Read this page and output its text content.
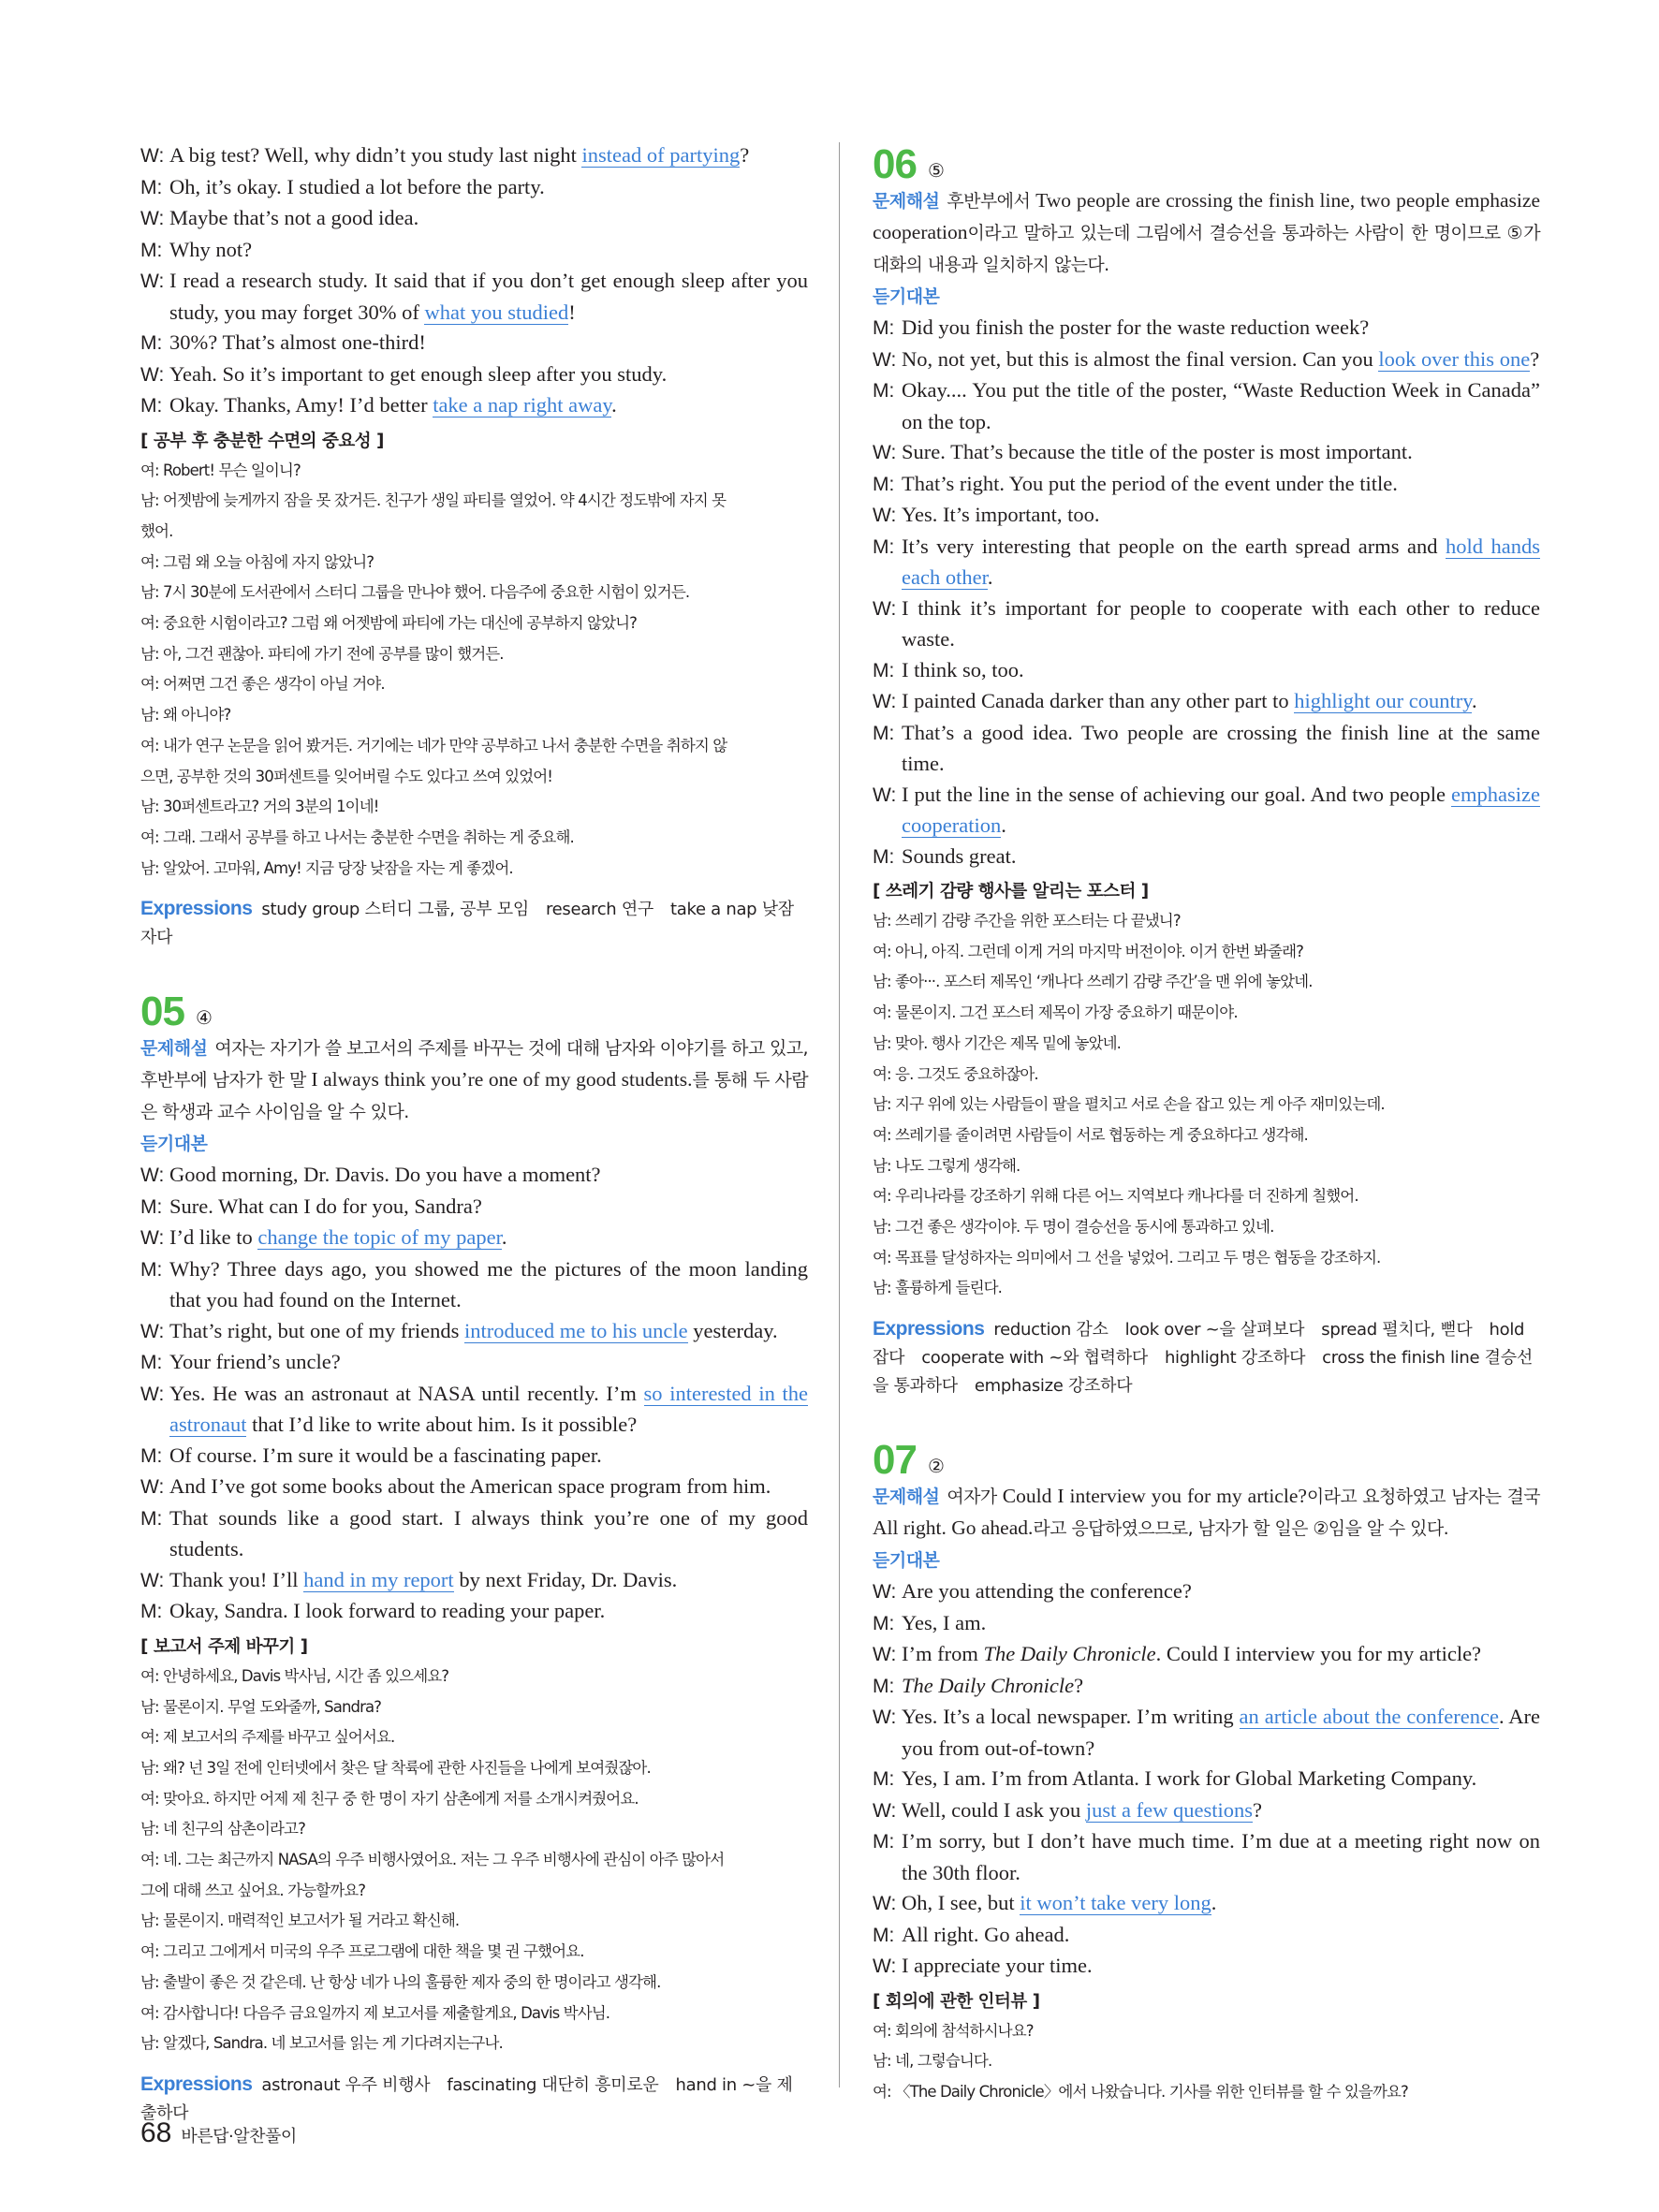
W: A big test? Well, why didn’t you study last night instead of partying?
M: Oh, it’s okay. I studied a lot before the party.
W: Maybe that’s not a good idea.
M: Why not?
W: I read a research study. It said that if you don’t get enough sleep after you study, you may forget 30% of what you studied!
M: 30%? That’s almost one-third!
W: Yeah. So it’s important to get enough sleep after you study.
M: Okay. Thanks, Amy! I’d better take a nap right away.
[ 공부 후 충분한 수면의 중요성 ]
여: Robert! 무슨 일이니?
남: 어젯밤에 늦게까지 잠을 못 잤거든. 친구가 생일 파티를 열었어. 약 4시간 정도밖에 자지 못
했어.
여: 그럼 왜 오늘 아침에 자지 않았니?
남: 7시 30분에 도서관에서 스터디 그룹을 만나야 했어. 다음주에 중요한 시험이 있거든.
여: 중요한 시험이라고? 그럼 왜 어젯밤에 파티에 가는 대신에 공부하지 않았니?
남: 아, 그건 괜찮아. 파티에 가기 전에 공부를 많이 했거든.
여: 어쩌면 그건 좋은 생각이 아닐 거야.
남: 왜 아니야?
여: 내가 연구 논문을 읽어 봤거든. 거기에는 네가 만약 공부하고 나서 충분한 수면을 취하지 않
으면, 공부한 것의 30퍼센트를 잊어버릴 수도 있다고 쓰여 있었어!
남: 30퍼센트라고? 거의 3분의 1이네!
여: 그래. 그래서 공부를 하고 나서는 충분한 수면을 취하는 게 중요해.
남: 알았어. 고마워, Amy! 지금 당장 낮잠을 자는 게 좋겠어.
Expressions study group 스터디 그룹, 공부 모임 research 연구 take a nap 낮잠 자다
05 ④
문제해설 여자는 자기가 쓸 보고서의 주제를 바꾸는 것에 대해 남자와 이야기를 하고 있고, 후반부에 남자가 한 말 I always think you’re one of my good students.를 통해 두 사람은 학생과 교수 사이임을 알 수 있다.
듣기대본
W: Good morning, Dr. Davis. Do you have a moment?
M: Sure. What can I do for you, Sandra?
W: I’d like to change the topic of my paper.
M: Why? Three days ago, you showed me the pictures of the moon landing that you had found on the Internet.
W: That’s right, but one of my friends introduced me to his uncle yesterday.
M: Your friend’s uncle?
W: Yes. He was an astronaut at NASA until recently. I’m so interested in the astronaut that I’d like to write about him. Is it possible?
M: Of course. I’m sure it would be a fascinating paper.
W: And I’ve got some books about the American space program from him.
M: That sounds like a good start. I always think you’re one of my good students.
W: Thank you! I’ll hand in my report by next Friday, Dr. Davis.
M: Okay, Sandra. I look forward to reading your paper.
[ 보고서 주제 바꾸기 ]
여: 안녕하세요, Davis 박사님, 시간 좀 있으세요?
남: 물론이지. 무얼 도와줄까, Sandra?
여: 제 보고서의 주제를 바꾸고 싶어서요.
남: 왜? 넌 3일 전에 인터넷에서 찾은 달 착륙에 관한 사진들을 나에게 보여줬잖아.
여: 맞아요. 하지만 어제 제 친구 중 한 명이 자기 삼촌에게 저를 소개시켜줬어요.
남: 네 친구의 삼촌이라고?
여: 네. 그는 최근까지 NASA의 우주 비행사였어요. 저는 그 우주 비행사에 관심이 아주 많아서
그에 대해 쓰고 싶어요. 가능할까요?
남: 물론이지. 매력적인 보고서가 될 거라고 확신해.
여: 그리고 그에게서 미국의 우주 프로그램에 대한 책을 몇 권 구했어요.
남: 출발이 좋은 것 같은데. 난 항상 네가 나의 훌륭한 제자 중의 한 명이라고 생각해.
여: 감사합니다! 다음주 금요일까지 제 보고서를 제출할게요, Davis 박사님.
남: 알겠다, Sandra. 네 보고서를 읽는 게 기다려지는구나.
Expressions astronaut 우주 비행사 fascinating 대단히 흥미로운 hand in ~을 제출하다
06 ⑤
문제해설 후반부에서 Two people are crossing the finish line, two people emphasize cooperation이라고 말하고 있는데 그림에서 결승선을 통과하는 사람이 한 명이므로 ⑤가 대화의 내용과 일치하지 않는다.
듣기대본
M: Did you finish the poster for the waste reduction week?
W: No, not yet, but this is almost the final version. Can you look over this one?
M: Okay.... You put the title of the poster, “Waste Reduction Week in Canada” on the top.
W: Sure. That’s because the title of the poster is most important.
M: That’s right. You put the period of the event under the title.
W: Yes. It’s important, too.
M: It’s very interesting that people on the earth spread arms and hold hands each other.
W: I think it’s important for people to cooperate with each other to reduce waste.
M: I think so, too.
W: I painted Canada darker than any other part to highlight our country.
M: That’s a good idea. Two people are crossing the finish line at the same time.
W: I put the line in the sense of achieving our goal. And two people emphasize cooperation.
M: Sounds great.
[ 쓰레기 감량 행사를 알리는 포스터 ]
남: 쓰레기 감량 주간을 위한 포스터는 다 끝냈니?
여: 아니, 아직. 그런데 이게 거의 마지막 버전이야. 이거 한번 봐줄래?
남: 좋아···. 포스터 제목인 ‘캐나다 쓰레기 감량 주간’을 맨 위에 놓았네.
여: 물론이지. 그건 포스터 제목이 가장 중요하기 때문이야.
남: 맞아. 행사 기간은 제목 밑에 놓았네.
여: 응. 그것도 중요하잖아.
남: 지구 위에 있는 사람들이 팔을 펼치고 서로 손을 잡고 있는 게 아주 재미있는데.
여: 쓰레기를 줄이려면 사람들이 서로 협동하는 게 중요하다고 생각해.
남: 나도 그렇게 생각해.
여: 우리나라를 강조하기 위해 다른 어느 지역보다 캐나다를 더 진하게 칠했어.
남: 그건 좋은 생각이야. 두 명이 결승선을 동시에 통과하고 있네.
여: 목표를 달성하자는 의미에서 그 선을 넣었어. 그리고 두 명은 협동을 강조하지.
남: 훌륭하게 들린다.
Expressions reduction 감소 look over ~을 살펴보다 spread 펼치다, 뻗다 hold 잡다 cooperate with ~와 협력하다 highlight 강조하다 cross the finish line 결승선을 통과하다 emphasize 강조하다
07 ②
문제해설 여자가 Could I interview you for my article?이라고 요청하였고 남자는 결국 All right. Go ahead.라고 응답하였으므로, 남자가 할 일은 ②임을 알 수 있다.
듣기대본
W: Are you attending the conference?
M: Yes, I am.
W: I’m from The Daily Chronicle. Could I interview you for my article?
M: The Daily Chronicle?
W: Yes. It’s a local newspaper. I’m writing an article about the conference. Are you from out-of-town?
M: Yes, I am. I’m from Atlanta. I work for Global Marketing Company.
W: Well, could I ask you just a few questions?
M: I’m sorry, but I don’t have much time. I’m due at a meeting right now on the 30th floor.
W: Oh, I see, but it won’t take very long.
M: All right. Go ahead.
W: I appreciate your time.
[ 회의에 관한 인터뷰 ]
여: 회의에 참석하시나요?
남: 네, 그렇습니다.
여: 〈The Daily Chronicle〉에서 나왔습니다. 기사를 위한 인터뷰를 할 수 있을까요?
68 바른답·알찬풀이
